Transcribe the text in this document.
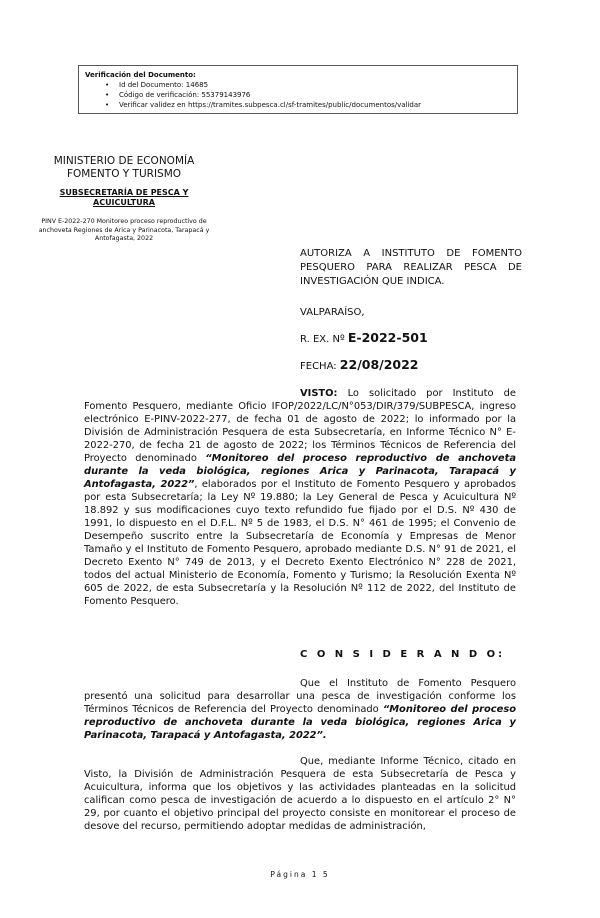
Verificación del Documento:
• Id del Documento: 14685
• Código de verificación: 55379143976
• Verificar validez en https://tramites.subpesca.cl/sf-tramites/public/documentos/validar
MINISTERIO DE ECONOMÍA
FOMENTO Y TURISMO
SUBSECRETARÍA DE PESCA Y ACUICULTURA
PINV E-2022-270 Monitoreo proceso reproductivo de anchoveta Regiones de Arica y Parinacota, Tarapacá y Antofagasta, 2022
AUTORIZA A INSTITUTO DE FOMENTO PESQUERO PARA REALIZAR PESCA DE INVESTIGACIÓN QUE INDICA.
VALPARAÍSO,
R. EX. Nº E-2022-501
FECHA: 22/08/2022
VISTO: Lo solicitado por Instituto de Fomento Pesquero, mediante Oficio IFOP/2022/LC/N°053/DIR/379/SUBPESCA, ingreso electrónico E-PINV-2022-277, de fecha 01 de agosto de 2022; lo informado por la División de Administración Pesquera de esta Subsecretaría, en Informe Técnico N° E-2022-270, de fecha 21 de agosto de 2022; los Términos Técnicos de Referencia del Proyecto denominado “Monitoreo del proceso reproductivo de anchoveta durante la veda biológica, regiones Arica y Parinacota, Tarapacá y Antofagasta, 2022”, elaborados por el Instituto de Fomento Pesquero y aprobados por esta Subsecretaría; la Ley Nº 19.880; la Ley General de Pesca y Acuicultura Nº 18.892 y sus modificaciones cuyo texto refundido fue fijado por el D.S. Nº 430 de 1991, lo dispuesto en el D.F.L. Nº 5 de 1983, el D.S. N° 461 de 1995; el Convenio de Desempeño suscrito entre la Subsecretaría de Economía y Empresas de Menor Tamaño y el Instituto de Fomento Pesquero, aprobado mediante D.S. N° 91 de 2021, el Decreto Exento N° 749 de 2013, y el Decreto Exento Electrónico N° 228 de 2021, todos del actual Ministerio de Economía, Fomento y Turismo; la Resolución Exenta Nº 605 de 2022, de esta Subsecretaría y la Resolución Nº 112 de 2022, del Instituto de Fomento Pesquero.
C O N S I D E R A N D O:
Que el Instituto de Fomento Pesquero presentó una solicitud para desarrollar una pesca de investigación conforme los Términos Técnicos de Referencia del Proyecto denominado “Monitoreo del proceso reproductivo de anchoveta durante la veda biológica, regiones Arica y Parinacota, Tarapacá y Antofagasta, 2022”.
Que, mediante Informe Técnico, citado en Visto, la División de Administración Pesquera de esta Subsecretaría de Pesca y Acuicultura, informa que los objetivos y las actividades planteadas en la solicitud califican como pesca de investigación de acuerdo a lo dispuesto en el artículo 2° N° 29, por cuanto el objetivo principal del proyecto consiste en monitorear el proceso de desove del recurso, permitiendo adoptar medidas de administración,
Página 1 5
